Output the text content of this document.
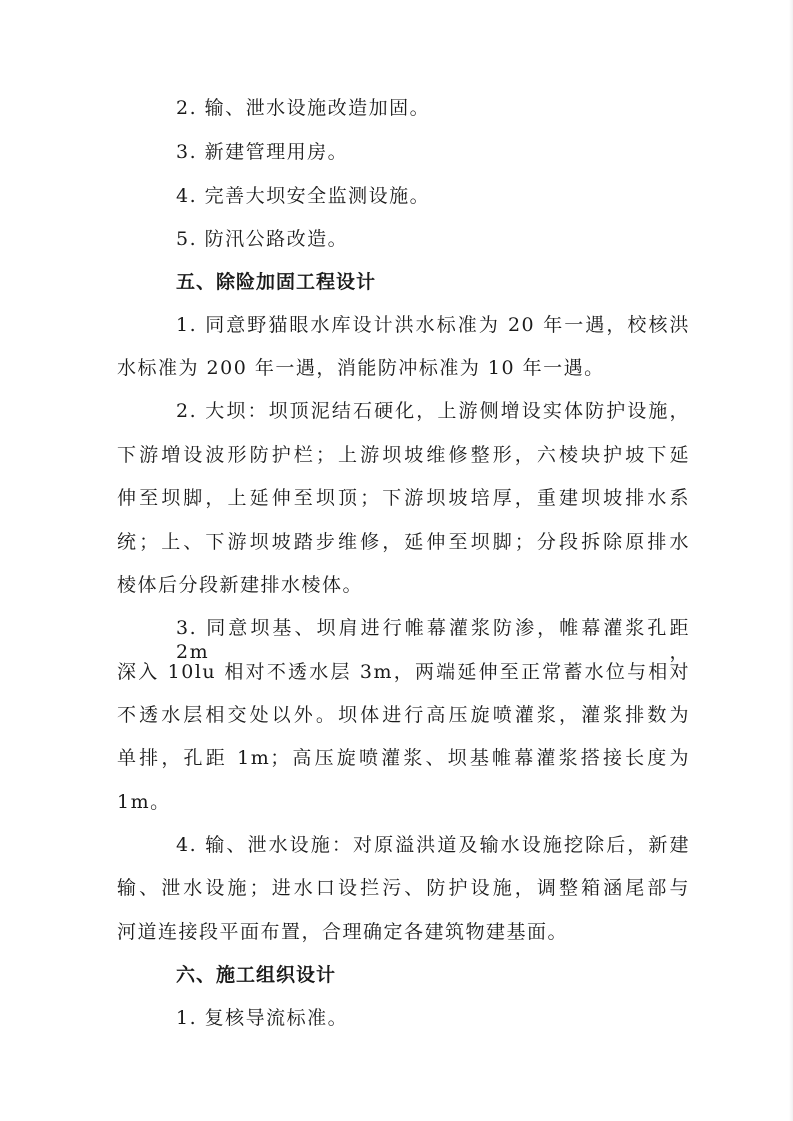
2. 输、泄水设施改造加固。
3. 新建管理用房。
4. 完善大坝安全监测设施。
5. 防汛公路改造。
五、除险加固工程设计
1. 同意野猫眼水库设计洪水标准为 20 年一遇，校核洪
水标准为 200 年一遇，消能防冲标准为 10 年一遇。
2. 大坝：坝顶泥结石硬化，上游侧增设实体防护设施，
下游増设波形防护栏；上游坝坡维修整形，六棱块护坡下延
伸至坝脚，上延伸至坝顶；下游坝坡培厚，重建坝坡排水系
统；上、下游坝坡踏步维修，延伸至坝脚；分段拆除原排水
棱体后分段新建排水棱体。
3. 同意坝基、坝肩进行帷幕灌浆防渗，帷幕灌浆孔距 2m，
深入 10lu 相对不透水层 3m，两端延伸至正常蓄水位与相对
不透水层相交处以外。坝体进行高压旋喷灌浆，灌浆排数为
单排，孔距 1m；高压旋喷灌浆、坝基帷幕灌浆搭接长度为
1m。
4. 输、泄水设施：对原溢洪道及输水设施挖除后，新建
输、泄水设施；进水口设拦污、防护设施，调整箱涵尾部与
河道连接段平面布置，合理确定各建筑物建基面。
六、施工组织设计
1. 复核导流标准。
